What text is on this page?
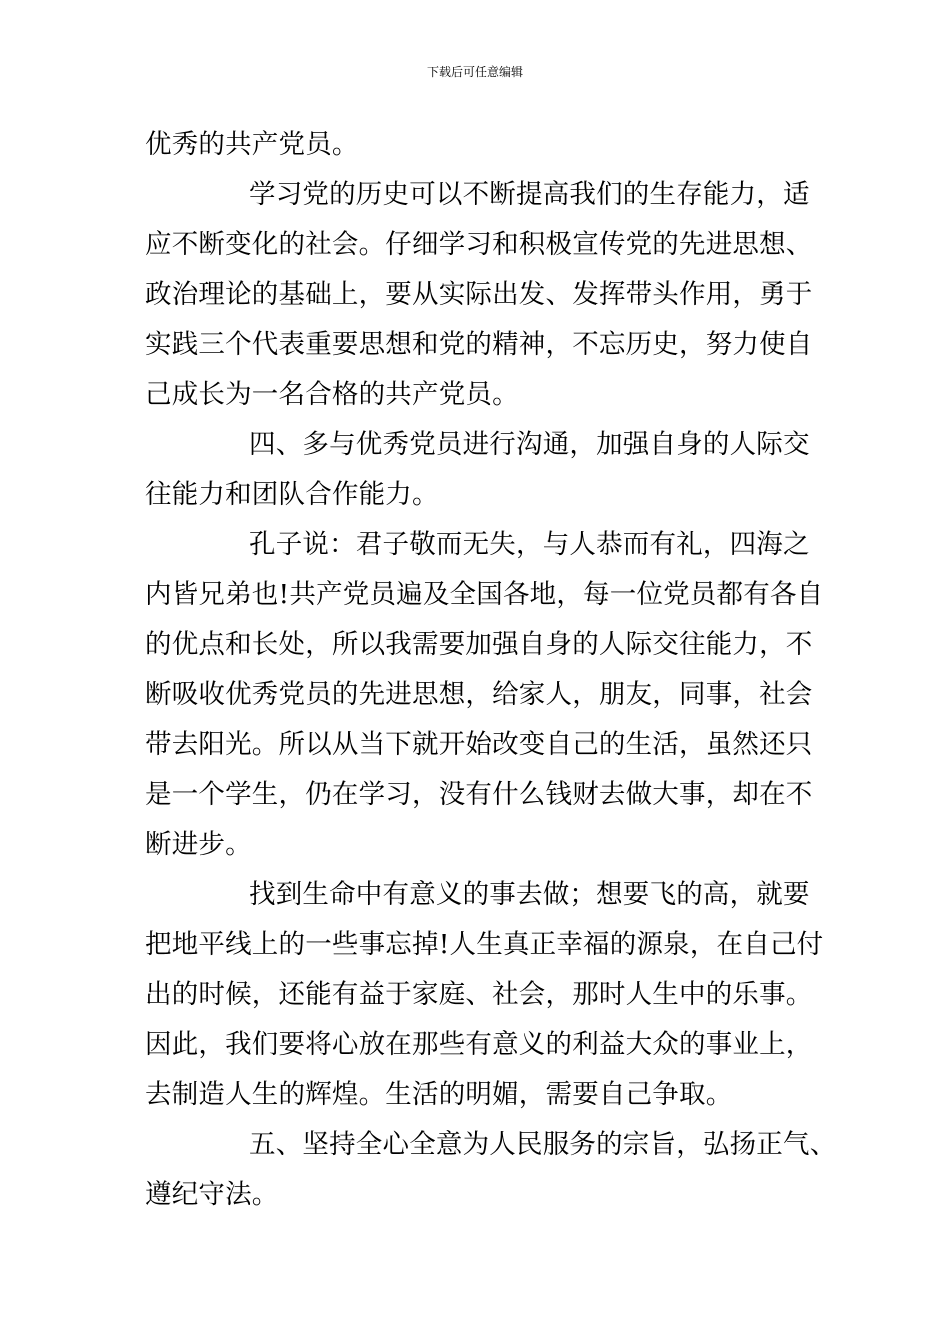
下载后可任意编辑
优秀的共产党员。
学习党的历史可以不断提高我们的生存能力，适
应不断变化的社会。仔细学习和积极宣传党的先进思想、
政治理论的基础上，要从实际出发、发挥带头作用，勇于
实践三个代表重要思想和党的精神，不忘历史，努力使自
己成长为一名合格的共产党员。
四、多与优秀党员进行沟通，加强自身的人际交
往能力和团队合作能力。
孔子说：君子敬而无失，与人恭而有礼，四海之
内皆兄弟也!共产党员遍及全国各地，每一位党员都有各自
的优点和长处，所以我需要加强自身的人际交往能力，不
断吸收优秀党员的先进思想，给家人，朋友，同事，社会
带去阳光。所以从当下就开始改变自己的生活，虽然还只
是一个学生，仍在学习，没有什么钱财去做大事，却在不
断进步。
找到生命中有意义的事去做；想要飞的高，就要
把地平线上的一些事忘掉!人生真正幸福的源泉，在自己付
出的时候，还能有益于家庭、社会，那时人生中的乐事。
因此，我们要将心放在那些有意义的利益大众的事业上，
去制造人生的辉煌。生活的明媚，需要自己争取。
五、坚持全心全意为人民服务的宗旨，弘扬正气、
遵纪守法。
